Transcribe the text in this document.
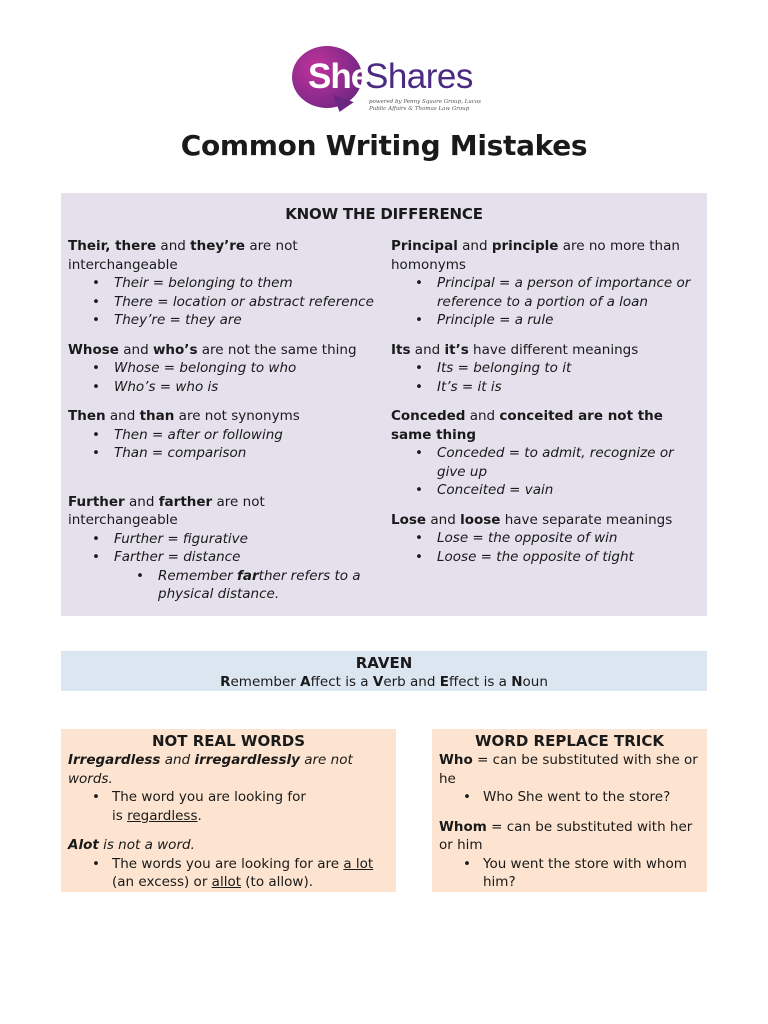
She
Shares
powered by Penny Square Group, Lucas Public Affairs & Thomas Law Group
Common Writing Mistakes
KNOW THE DIFFERENCE
Their, there and they’re are not interchangeable
• Their = belonging to them
• There = location or abstract reference
• They’re = they are
Whose and who’s are not the same thing
• Whose = belonging to who
• Who’s = who is
Then and than are not synonyms
• Then = after or following
• Than = comparison
Further and farther are not interchangeable
• Further = figurative
• Farther = distance
• Remember farther refers to a physical distance.
Principal and principle are no more than homonyms
• Principal = a person of importance or reference to a portion of a loan
• Principle = a rule
Its and it’s have different meanings
• Its = belonging to it
• It’s = it is
Conceded and conceited are not the same thing
• Conceded = to admit, recognize or give up
• Conceited = vain
Lose and loose have separate meanings
• Lose = the opposite of win
• Loose = the opposite of tight
RAVEN
Remember Affect is a Verb and Effect is a Noun
NOT REAL WORDS
Irregardless and irregardlessly are not words.
• The word you are looking for is regardless.
Alot is not a word.
• The words you are looking for are a lot (an excess) or allot (to allow).
WORD REPLACE TRICK
Who = can be substituted with she or he
• Who She went to the store?
Whom = can be substituted with her or him
• You went the store with whom him?
